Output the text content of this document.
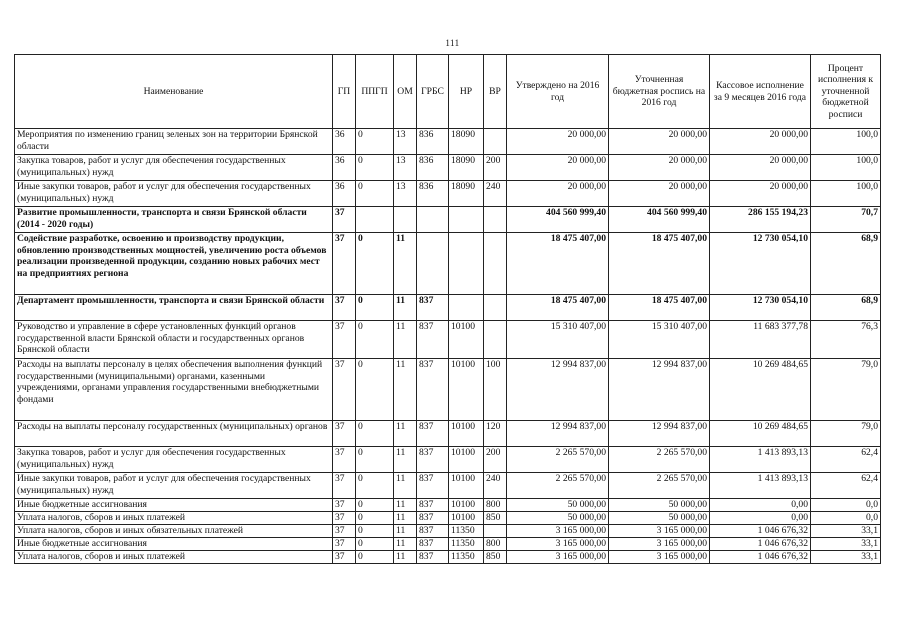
111
Наименование	ГП	ППГП	ОМ	ГРБС	НР	ВР	Утверждено на 2016 год	Уточненная бюджетная роспись на 2016 год	Кассовое исполнение за 9 месяцев 2016 года	Процент исполнения к уточненной бюджетной росписи
Мероприятия по изменению границ зеленых зон на территории Брянской области	36	0	13	836	18090		20 000,00	20 000,00	20 000,00	100,0
Закупка товаров, работ и услуг для обеспечения государственных (муниципальных) нужд	36	0	13	836	18090	200	20 000,00	20 000,00	20 000,00	100,0
Иные закупки товаров, работ и услуг для обеспечения государственных (муниципальных) нужд	36	0	13	836	18090	240	20 000,00	20 000,00	20 000,00	100,0
Развитие промышленности, транспорта и связи Брянской области (2014 - 2020 годы)	37						404 560 999,40	404 560 999,40	286 155 194,23	70,7
Содействие разработке, освоению и производству продукции, обновлению производственных мощностей, увеличению роста объемов реализации произведенной продукции, созданию новых рабочих мест на предприятиях региона	37	0	11				18 475 407,00	18 475 407,00	12 730 054,10	68,9
Департамент промышленности, транспорта и связи Брянской области	37	0	11	837			18 475 407,00	18 475 407,00	12 730 054,10	68,9
Руководство и управление в сфере установленных функций органов государственной власти Брянской области и государственных органов Брянской области	37	0	11	837	10100		15 310 407,00	15 310 407,00	11 683 377,78	76,3
Расходы на выплаты персоналу в целях обеспечения выполнения функций государственными (муниципальными) органами, казенными учреждениями, органами управления государственными внебюджетными фондами	37	0	11	837	10100	100	12 994 837,00	12 994 837,00	10 269 484,65	79,0
Расходы на выплаты персоналу государственных (муниципальных) органов	37	0	11	837	10100	120	12 994 837,00	12 994 837,00	10 269 484,65	79,0
Закупка товаров, работ и услуг для обеспечения государственных (муниципальных) нужд	37	0	11	837	10100	200	2 265 570,00	2 265 570,00	1 413 893,13	62,4
Иные закупки товаров, работ и услуг для обеспечения государственных (муниципальных) нужд	37	0	11	837	10100	240	2 265 570,00	2 265 570,00	1 413 893,13	62,4
Иные бюджетные ассигнования	37	0	11	837	10100	800	50 000,00	50 000,00	0,00	0,0
Уплата налогов, сборов и иных платежей	37	0	11	837	10100	850	50 000,00	50 000,00	0,00	0,0
Уплата налогов, сборов и иных обязательных платежей	37	0	11	837	11350		3 165 000,00	3 165 000,00	1 046 676,32	33,1
Иные бюджетные ассигнования	37	0	11	837	11350	800	3 165 000,00	3 165 000,00	1 046 676,32	33,1
Уплата налогов, сборов и иных платежей	37	0	11	837	11350	850	3 165 000,00	3 165 000,00	1 046 676,32	33,1
